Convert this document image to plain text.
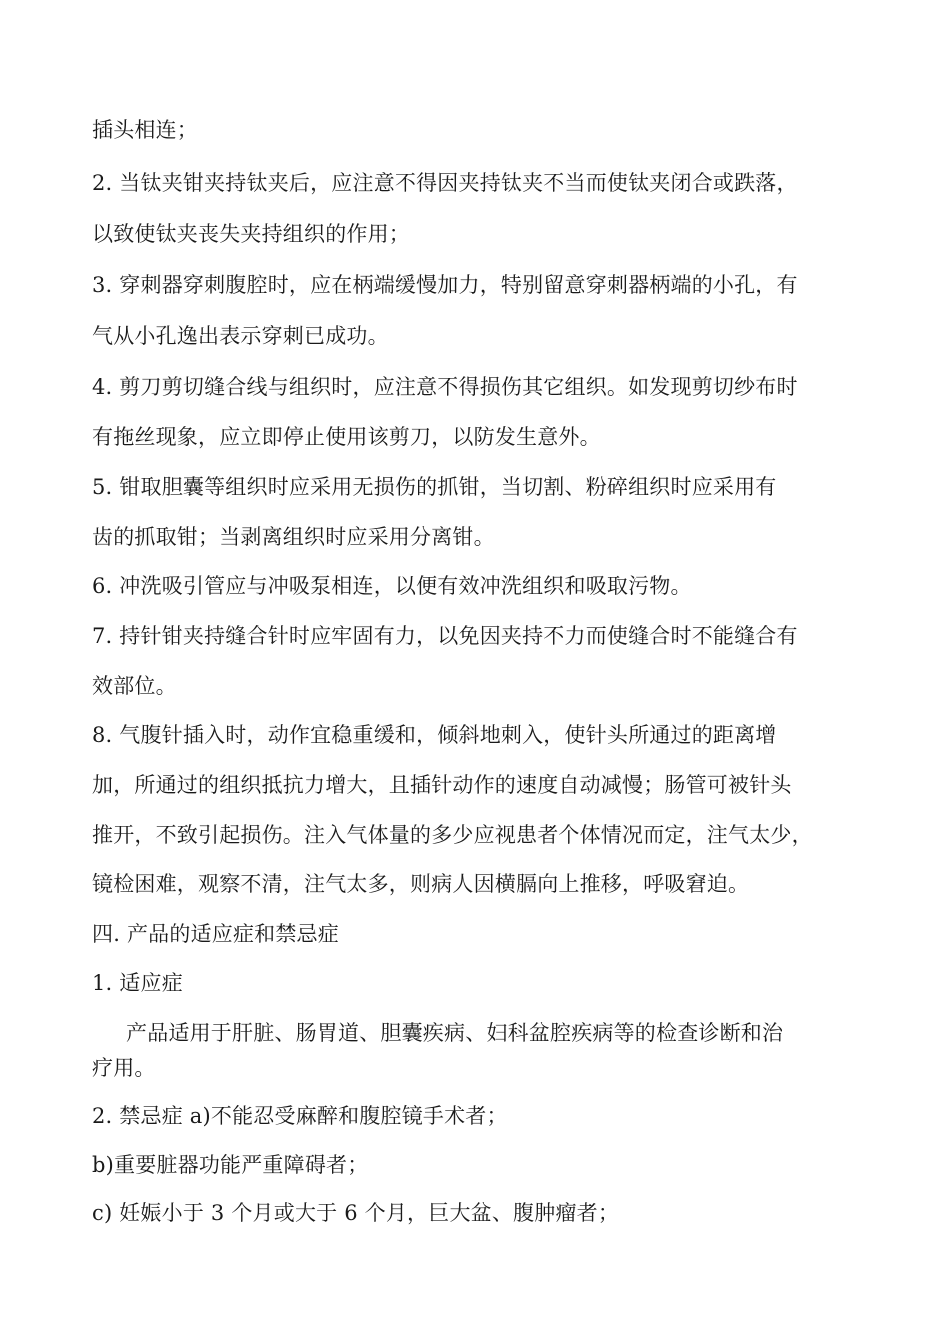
插头相连；
2. 当钛夹钳夹持钛夹后，应注意不得因夹持钛夹不当而使钛夹闭合或跌落，
以致使钛夹丧失夹持组织的作用；
3. 穿刺器穿刺腹腔时，应在柄端缓慢加力，特别留意穿刺器柄端的小孔，有
气从小孔逸出表示穿刺已成功。
4. 剪刀剪切缝合线与组织时，应注意不得损伤其它组织。如发现剪切纱布时
有拖丝现象，应立即停止使用该剪刀，以防发生意外。
5. 钳取胆囊等组织时应采用无损伤的抓钳，当切割、粉碎组织时应采用有
齿的抓取钳；当剥离组织时应采用分离钳。
6. 冲洗吸引管应与冲吸泵相连，以便有效冲洗组织和吸取污物。
7. 持针钳夹持缝合针时应牢固有力，以免因夹持不力而使缝合时不能缝合有
效部位。
8. 气腹针插入时，动作宜稳重缓和，倾斜地刺入，使针头所通过的距离增
加，所通过的组织抵抗力增大，且插针动作的速度自动减慢；肠管可被针头
推开，不致引起损伤。注入气体量的多少应视患者个体情况而定，注气太少，
镜检困难，观察不清，注气太多，则病人因横膈向上推移，呼吸窘迫。
四. 产品的适应症和禁忌症
1. 适应症
产品适用于肝脏、肠胃道、胆囊疾病、妇科盆腔疾病等的检查诊断和治
疗用。
2. 禁忌症 a)不能忍受麻醉和腹腔镜手术者；
b)重要脏器功能严重障碍者；
c) 妊娠小于 3 个月或大于 6 个月，巨大盆、腹肿瘤者；
